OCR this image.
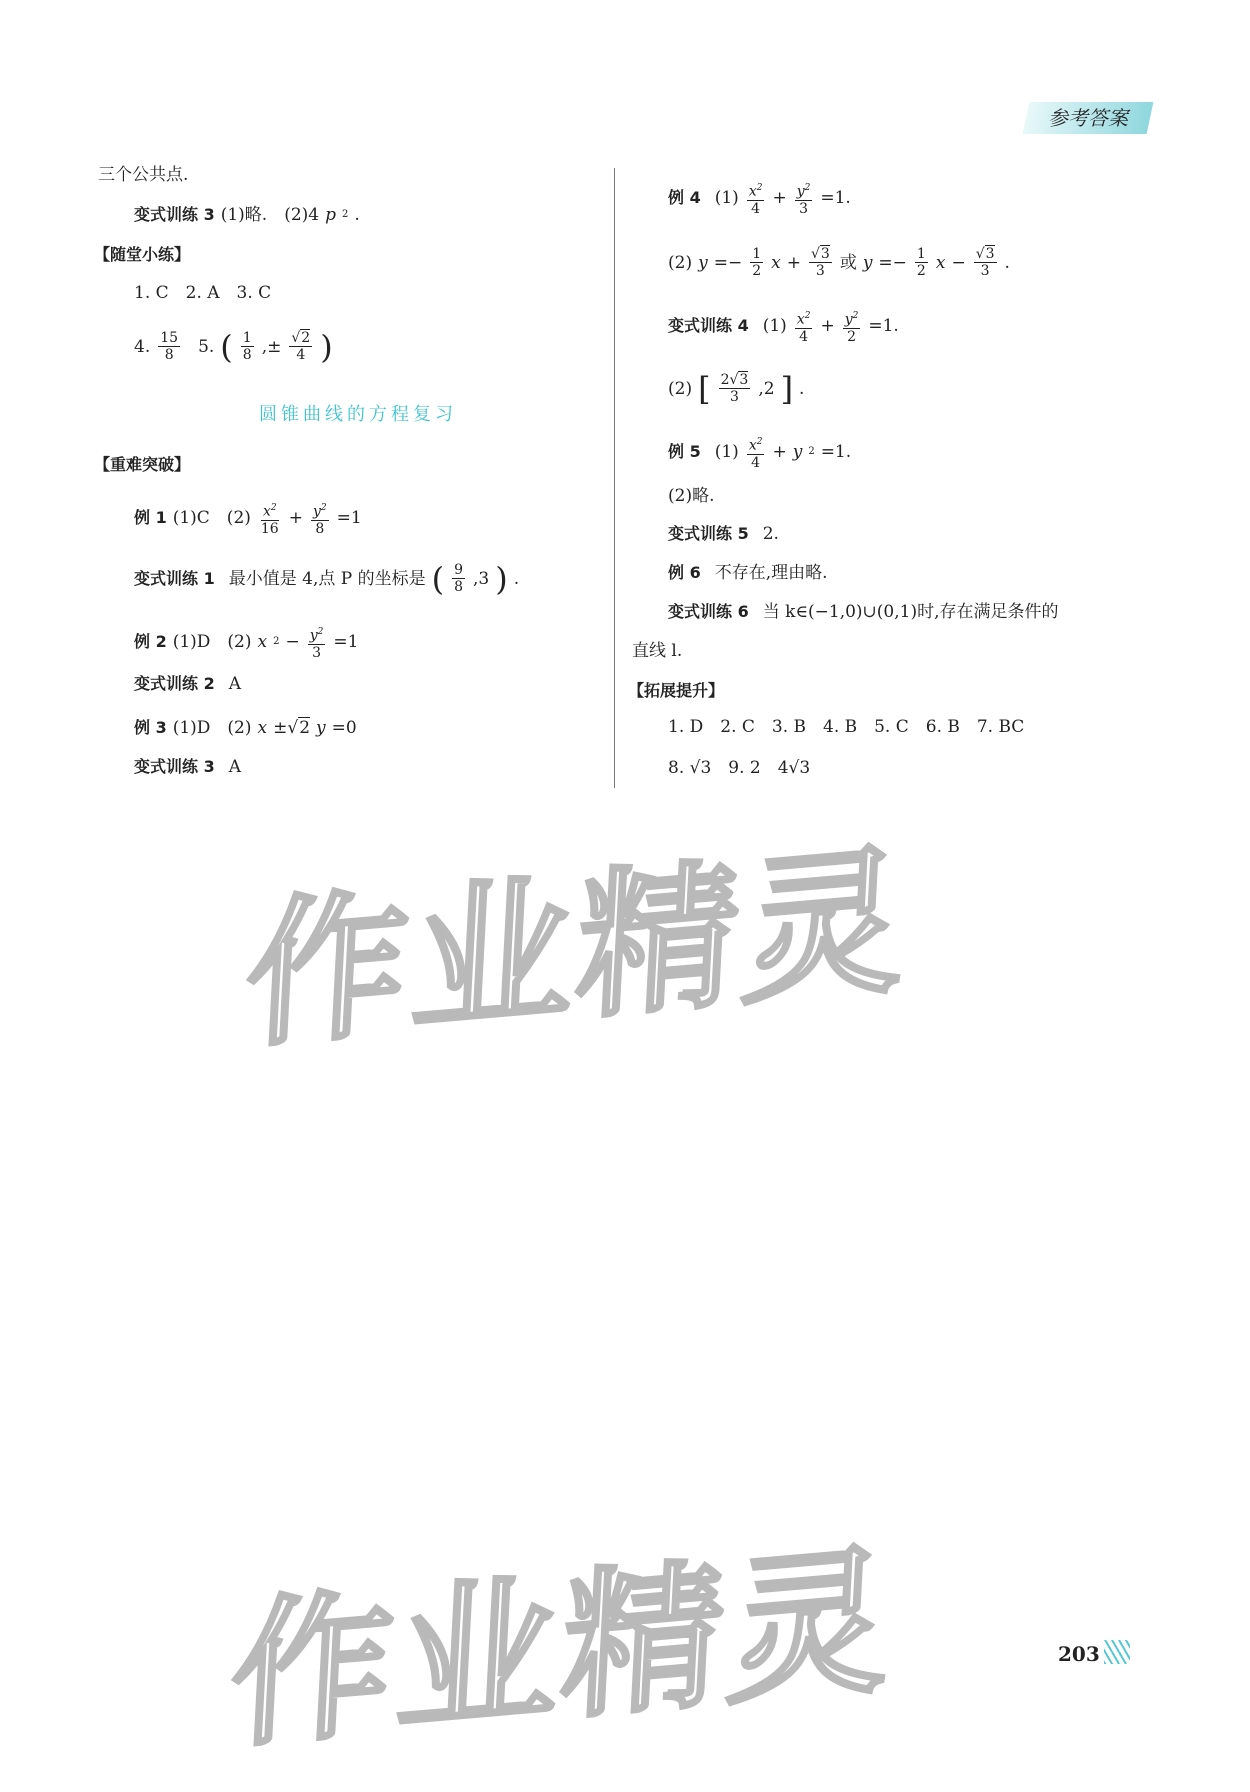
参考答案
三个公共点.
变式训练 3 (1)略.　(2)4 p 2 .
【随堂小练】
1. C　2. A　3. C
4. $\frac{15}{8} 5$. ( $\frac{1}{8}$ ,± $\frac{√2}{4}$ )
圆锥曲线的方程复习
【重难突破】
例 1 (1)C　$(2) \frac{x^2}{16} + \frac{y^2}{8} =1$
变式训练 1 最小值是 4,点 P 的坐标是 ( $\frac{9}{8} ,3$ ) .
例 2 (1)D　(2) x $2 - \frac{y^2}{3} =1$
变式训练 2 A
例 3 (1)D　(2) x ±√2 y =0
变式训练 3 A
例 4 $(1) \frac{x^2}{4} + \frac{y^2}{3} =1$.
(2) $y =- \frac{1}{2}$ $x + \frac{√3}{3}$ 或 $y =- \frac{1}{2}$ $x - \frac{√3}{3}$ .
变式训练 4 $(1) \frac{x^2}{4} + \frac{y^2}{2} =1$.
(2) [ $\frac{2√3}{3} ,2$ ] .
例 5 $(1) \frac{x^2}{4} + y$ 2 =1.
(2)略.
变式训练 5 2.
例 6 不存在,理由略.
变式训练 6 当 k∈(−1,0)∪(0,1)时,存在满足条件的
直线 l.
【拓展提升】
1. D　2. C　3. B　4. B　5. C　6. B　7. BC
8. √3　9. 2　4√3
作业精灵
作业精灵	203
